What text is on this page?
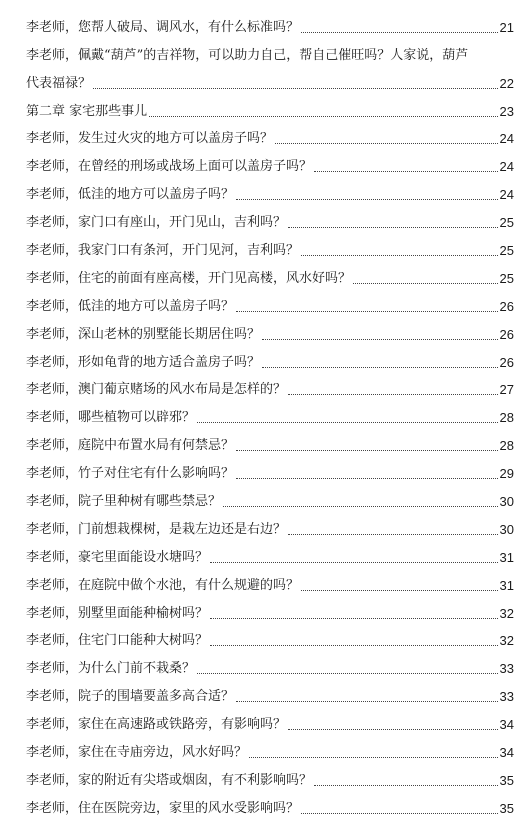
李老师，您帮人破局、调风水，有什么标准吗？	21
李老师，佩戴“葫芦”的吉祥物，可以助力自己，帮自己催旺吗？人家说，葫芦
代表福禄？	22
第二章 家宅那些事儿	23
李老师，发生过火灾的地方可以盖房子吗？	24
李老师，在曾经的刑场或战场上面可以盖房子吗？	24
李老师，低洼的地方可以盖房子吗？	24
李老师，家门口有座山，开门见山，吉利吗？	25
李老师，我家门口有条河，开门见河，吉利吗？	25
李老师，住宅的前面有座高楼，开门见高楼，风水好吗？	25
李老师，低洼的地方可以盖房子吗？	26
李老师，深山老林的别墅能长期居住吗？	26
李老师，形如龟背的地方适合盖房子吗？	26
李老师，澳门葡京赌场的风水布局是怎样的？	27
李老师，哪些植物可以辟邪？	28
李老师，庭院中布置水局有何禁忌？	28
李老师，竹子对住宅有什么影响吗？	29
李老师，院子里种树有哪些禁忌？	30
李老师，门前想栽棵树，是栽左边还是右边？	30
李老师，豪宅里面能设水塘吗？	31
李老师，在庭院中做个水池，有什么规避的吗？	31
李老师，别墅里面能种榆树吗？	32
李老师，住宅门口能种大树吗？	32
李老师，为什么门前不栽桑？	33
李老师，院子的围墙要盖多高合适？	33
李老师，家住在高速路或铁路旁，有影响吗？	34
李老师，家住在寺庙旁边，风水好吗？	34
李老师，家的附近有尖塔或烟囱，有不利影响吗？	35
李老师，住在医院旁边，家里的风水受影响吗？	35
